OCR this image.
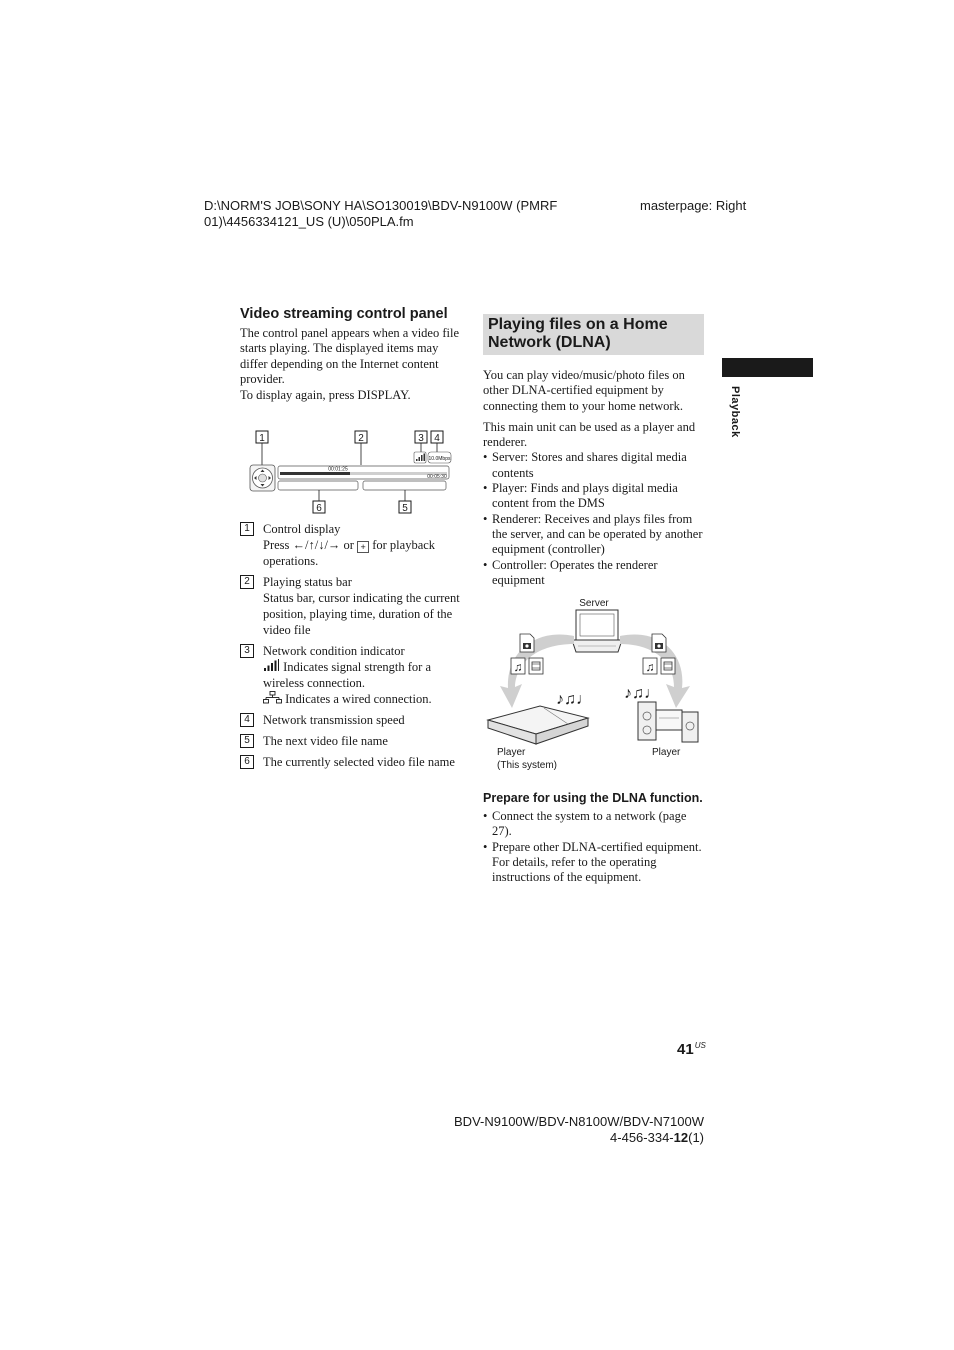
D:\NORM'S JOB\SONY HA\SO130019\BDV-N9100W (PMRF 01)\4456334121_US (U)\050PLA.fm
masterpage: Right
Video streaming control panel

The control panel appears when a video file starts playing. The displayed items may differ depending on the Internet content provider.

To display again, press DISPLAY.

1	2	3 4
10.0Mbps
00:01:25
00:05:30
6	5
1	Control display
Press ←/↑/↓/→ or + for playback operations.
2	Playing status bar
Status bar, cursor indicating the current position, playing time, duration of the video file
3	Network condition indicator
Indicates signal strength for a wireless connection.
Indicates a wired connection.
4	Network transmission speed
5	The next video file name
6	The currently selected video file name
Playing files on a Home Network (DLNA)

You can play video/music/photo files on other DLNA-certified equipment by connecting them to your home network.

This main unit can be used as a player and renderer.

• Server: Stores and shares digital media contents
• Player: Finds and plays digital media content from the DMS
• Renderer: Receives and plays files from the server, and can be operated by another equipment (controller)
• Controller: Operates the renderer equipment
Server
♫	♫
♪♫♩ ♪♫♩
Player
(This system)
Player
Prepare for using the DLNA function.
• Connect the system to a network (page 27).
• Prepare other DLNA-certified equipment. For details, refer to the operating instructions of the equipment.
Playback
$41^{US}$
BDV-N9100W/BDV-N8100W/BDV-N7100W
4-456-334-12(1)
